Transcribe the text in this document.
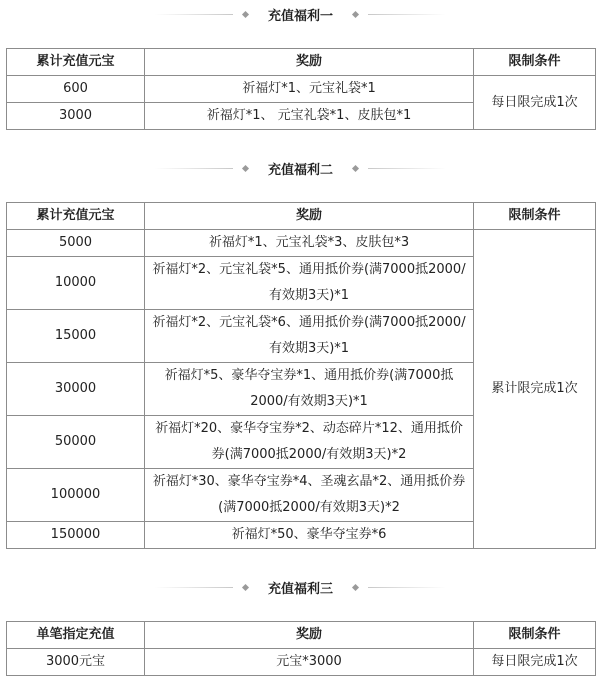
充值福利一
累计充值元宝	奖励	限制条件
600	祈福灯*1、元宝礼袋*1	每日限完成1次
3000	祈福灯*1、 元宝礼袋*1、皮肤包*1	
充值福利二
累计充值元宝	奖励	限制条件
5000	祈福灯*1、元宝礼袋*3、皮肤包*3	累计限完成1次
10000	祈福灯*2、元宝礼袋*5、通用抵价券(满7000抵2000/有效期3天)*1	
15000	祈福灯*2、元宝礼袋*6、通用抵价券(满7000抵2000/有效期3天)*1	
30000	祈福灯*5、豪华夺宝券*1、通用抵价券(满7000抵2000/有效期3天)*1	
50000	祈福灯*20、豪华夺宝券*2、动态碎片*12、通用抵价券(满7000抵2000/有效期3天)*2	
100000	祈福灯*30、豪华夺宝券*4、圣魂玄晶*2、通用抵价券(满7000抵2000/有效期3天)*2	
150000	祈福灯*50、豪华夺宝券*6	
充值福利三
单笔指定充值	奖励	限制条件
3000元宝	元宝*3000	每日限完成1次
